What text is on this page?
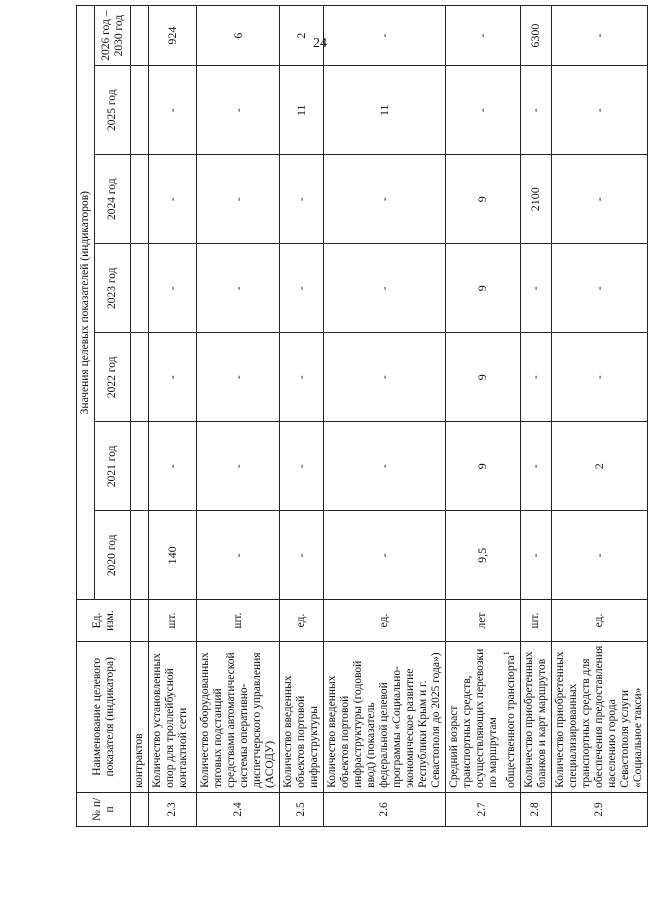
24
№ п/п	Наименование целевого показателя (индикатора)	Ед. изм.	Значения целевых показателей (индикаторов)						
			2020 год	2021 год	2022 год	2023 год	2024 год	2025 год	2026 год – 2030 год
	контрактов								
2.3	Количество установленных опор для троллейбусной контактной сети	шт.	140	-	-	-	-	-	924
2.4	Количество оборудованных тяговых подстанций средствами автоматической системы оперативно-диспетчерского управления (АСОДУ)	шт.	-	-	-	-	-	-	6
2.5	Количество введенных объектов портовой инфраструктуры	ед.	-	-	-	-	-	11	2
2.6	Количество введенных объектов портовой инфраструктуры (годовой ввод) (показатель федеральной целевой программы «Социально-экономическое развитие Республики Крым и г. Севастополя до 2025 года»)	ед.	-	-	-	-	-	11	-
2.7	Средний возраст транспортных средств, осуществляющих перевозки по маршрутам общественного транспорта$^1$	лет	9,5	9	9	9	9	-	-
2.8	Количество приобретенных бланков и карт маршрутов	шт.	-	-	-	-	2100	-	6300
2.9	Количество приобретенных специализированных транспортных средств для обеспечения предоставления населению города Севастополя услуги «Социальное такси»	ед.	-	2	-	-	-	-	-
